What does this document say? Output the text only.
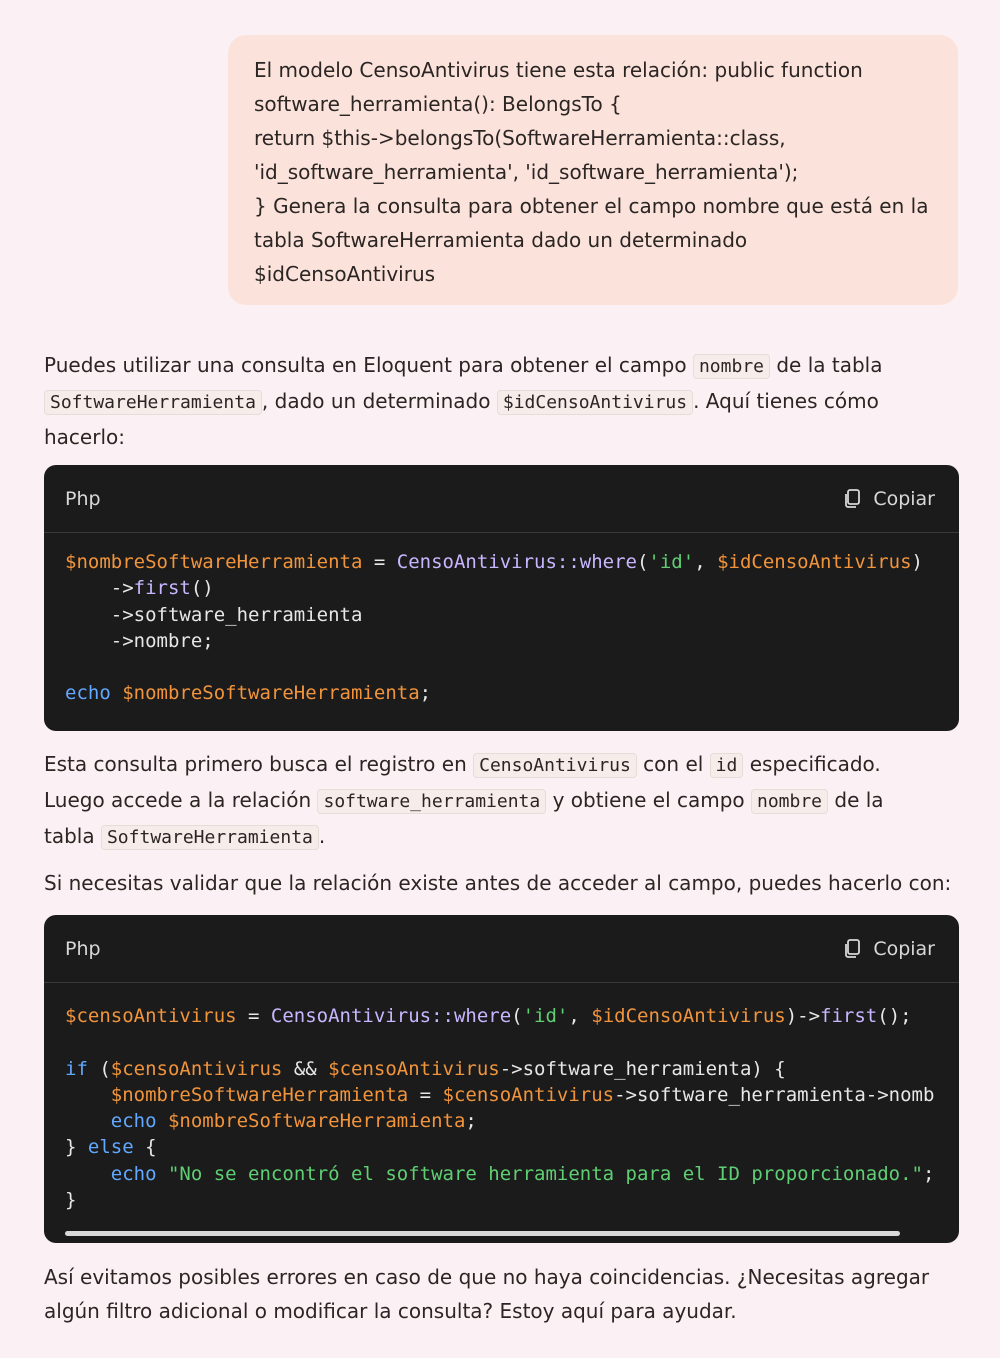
El modelo CensoAntivirus tiene esta relación: public function
software_herramienta(): BelongsTo {
return $this->belongsTo(SoftwareHerramienta::class,
'id_software_herramienta', 'id_software_herramienta');
} Genera la consulta para obtener el campo nombre que está en la
tabla SoftwareHerramienta dado un determinado
$idCensoAntivirus
Puedes utilizar una consulta en Eloquent para obtener el campo nombre de la tabla
SoftwareHerramienta , dado un determinado $idCensoAntivirus . Aquí tienes cómo
hacerlo:
Php	Copiar
$nombreSoftwareHerramienta = CensoAntivirus::where('id', $idCensoAntivirus)
->first()
->software_herramienta
->nombre;

echo $nombreSoftwareHerramienta;
Esta consulta primero busca el registro en CensoAntivirus con el id especificado.
Luego accede a la relación software_herramienta y obtiene el campo nombre de la
tabla SoftwareHerramienta .
Si necesitas validar que la relación existe antes de acceder al campo, puedes hacerlo con:
Php	Copiar
$censoAntivirus = CensoAntivirus::where('id', $idCensoAntivirus)->first();

if ($censoAntivirus && $censoAntivirus->software_herramienta) {
$nombreSoftwareHerramienta = $censoAntivirus->software_herramienta->nomb
echo $nombreSoftwareHerramienta;
} else {
echo "No se encontró el software herramienta para el ID proporcionado.";
}
Así evitamos posibles errores en caso de que no haya coincidencias. ¿Necesitas agregar
algún filtro adicional o modificar la consulta? Estoy aquí para ayudar.
